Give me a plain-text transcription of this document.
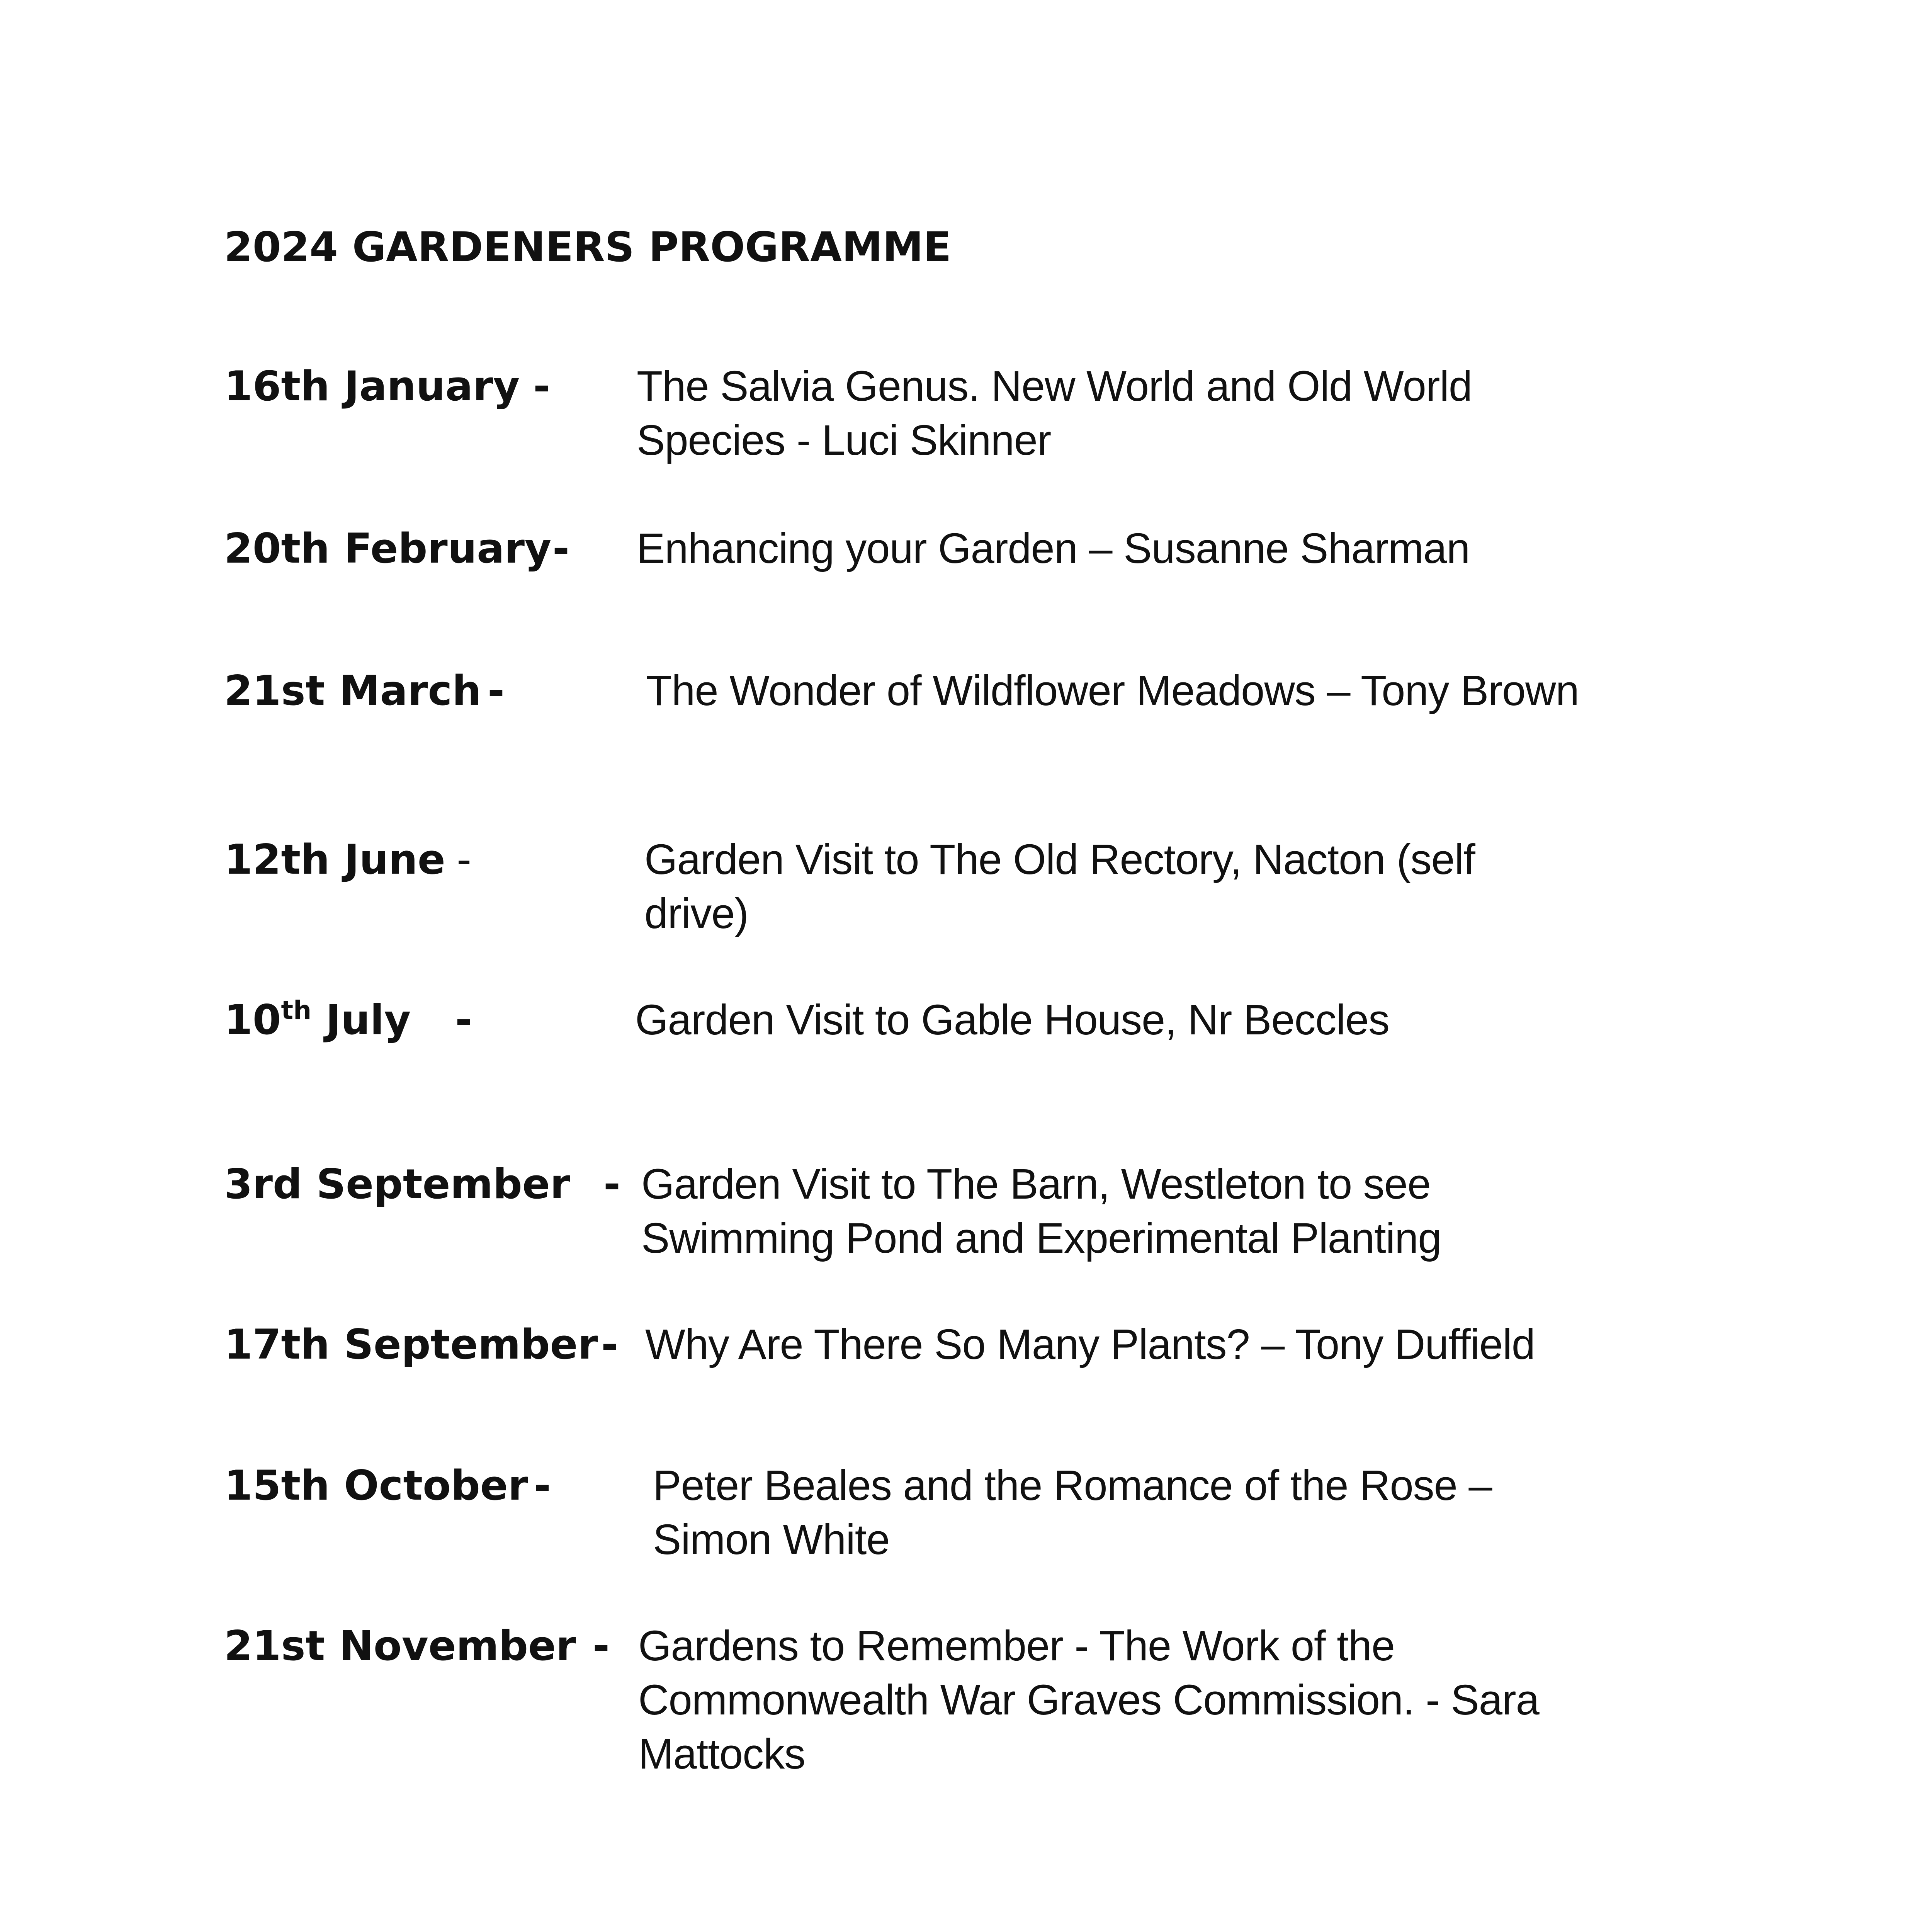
2024 GARDENERS PROGRAMME
16th January - The Salvia Genus. New World and Old World
Species - Luci Skinner
20th February - Enhancing your Garden – Susanne Sharman
21st March -	The Wonder of Wildflower Meadows – Tony Brown
12th June -	Garden Visit to The Old Rectory, Nacton (self
drive)
10th July -	Garden Visit to Gable House, Nr Beccles
3rd September - Garden Visit to The Barn, Westleton to see
Swimming Pond and Experimental Planting
17th September - Why Are There So Many Plants? – Tony Duffield
15th October - Peter Beales and the Romance of the Rose –
Simon White
21st November - Gardens to Remember - The Work of the
Commonwealth War Graves Commission. - Sara
Mattocks
